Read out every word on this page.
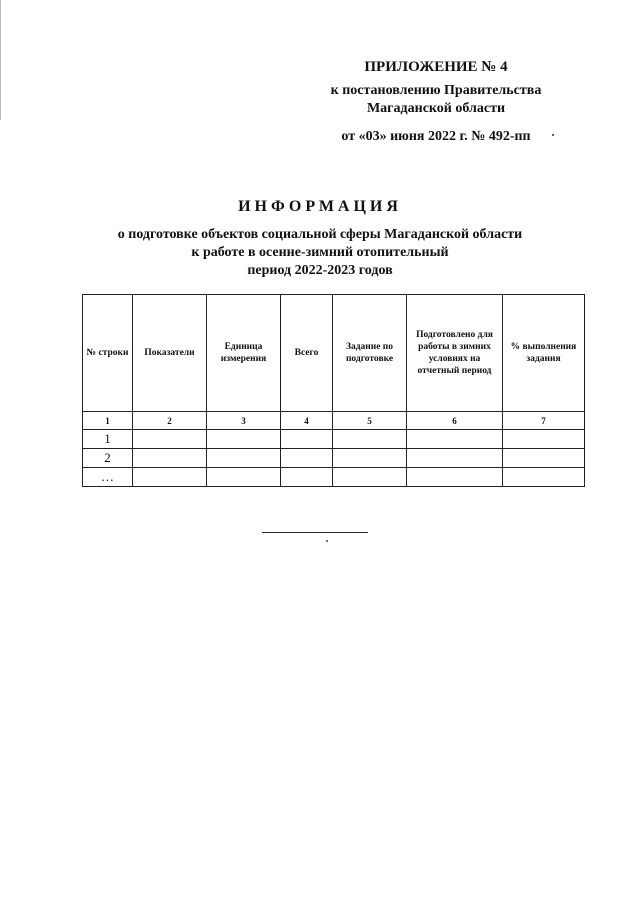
ПРИЛОЖЕНИЕ № 4
к постановлению Правительства
Магаданской области
от «03» июня 2022 г. № 492-пп
ИНФОРМАЦИЯ
о подготовке объектов социальной сферы Магаданской области
к работе в осенне-зимний отопительный
период 2022-2023 годов
№ строки	Показатели	Единица измерения	Всего	Задание по подготовке	Подготовлено для работы в зимних условиях на отчетный период	% выполнения задания
1	2	3	4	5	6	7
1						
2						
…						
